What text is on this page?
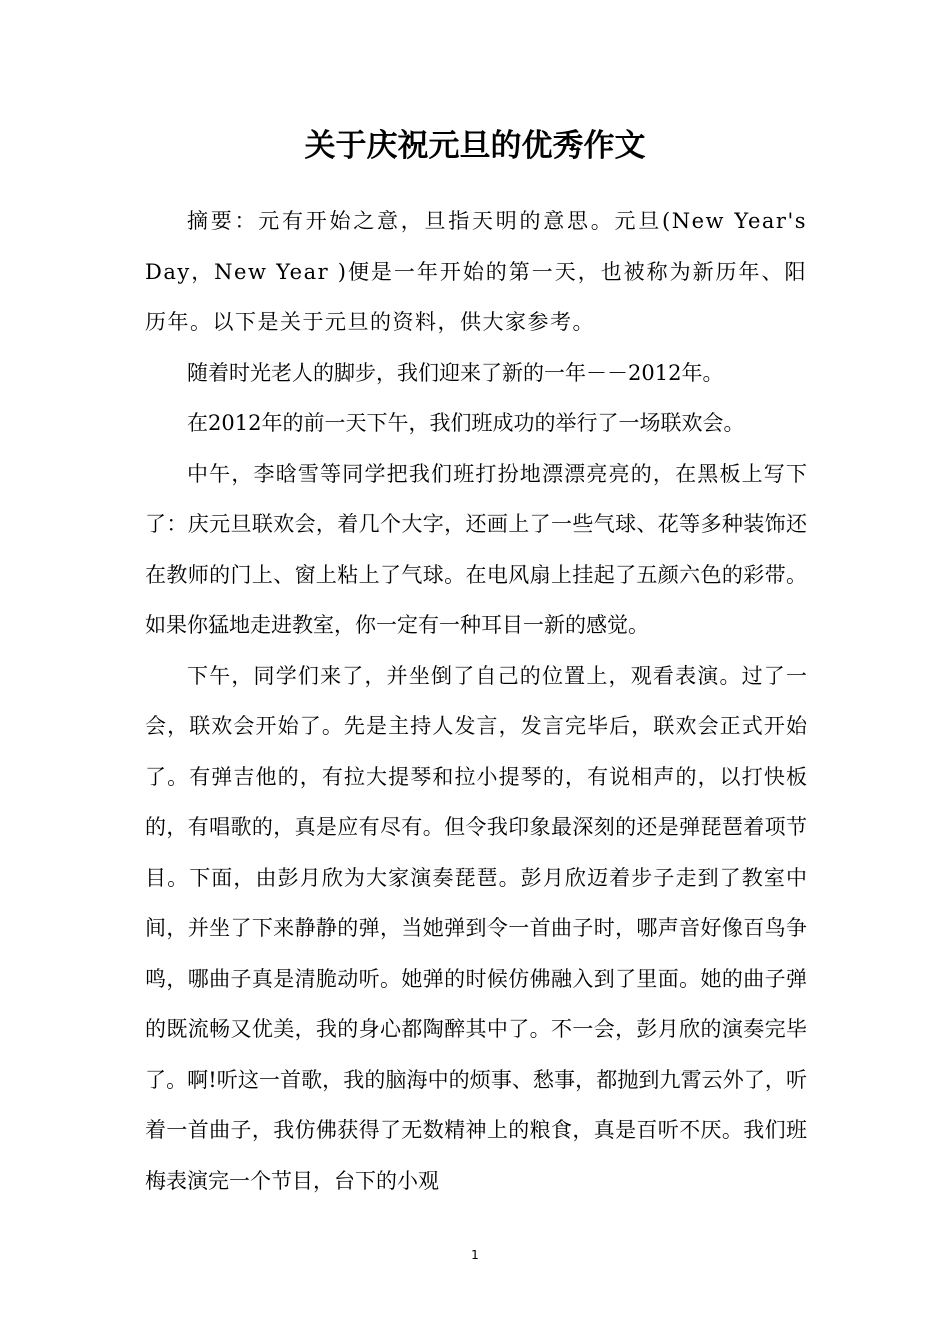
关于庆祝元旦的优秀作文

摘要：元有开始之意，旦指天明的意思。元旦(New Year's Day，New Year )便是一年开始的第一天，也被称为新历年、阳历年。以下是关于元旦的资料，供大家参考。

随着时光老人的脚步，我们迎来了新的一年－－2012年。

在2012年的前一天下午，我们班成功的举行了一场联欢会。

中午，李晗雪等同学把我们班打扮地漂漂亮亮的，在黑板上写下了：庆元旦联欢会，着几个大字，还画上了一些气球、花等多种装饰还在教师的门上、窗上粘上了气球。在电风扇上挂起了五颜六色的彩带。如果你猛地走进教室，你一定有一种耳目一新的感觉。

下午，同学们来了，并坐倒了自己的位置上，观看表演。过了一会，联欢会开始了。先是主持人发言，发言完毕后，联欢会正式开始了。有弹吉他的，有拉大提琴和拉小提琴的，有说相声的，以打快板的，有唱歌的，真是应有尽有。但令我印象最深刻的还是弹琵琶着项节目。下面，由彭月欣为大家演奏琵琶。彭月欣迈着步子走到了教室中间，并坐了下来静静的弹，当她弹到令一首曲子时，哪声音好像百鸟争鸣，哪曲子真是清脆动听。她弹的时候仿佛融入到了里面。她的曲子弹的既流畅又优美，我的身心都陶醉其中了。不一会，彭月欣的演奏完毕了。啊!听这一首歌，我的脑海中的烦事、愁事，都抛到九霄云外了，听着一首曲子，我仿佛获得了无数精神上的粮食，真是百听不厌。我们班梅表演完一个节目，台下的小观

1
